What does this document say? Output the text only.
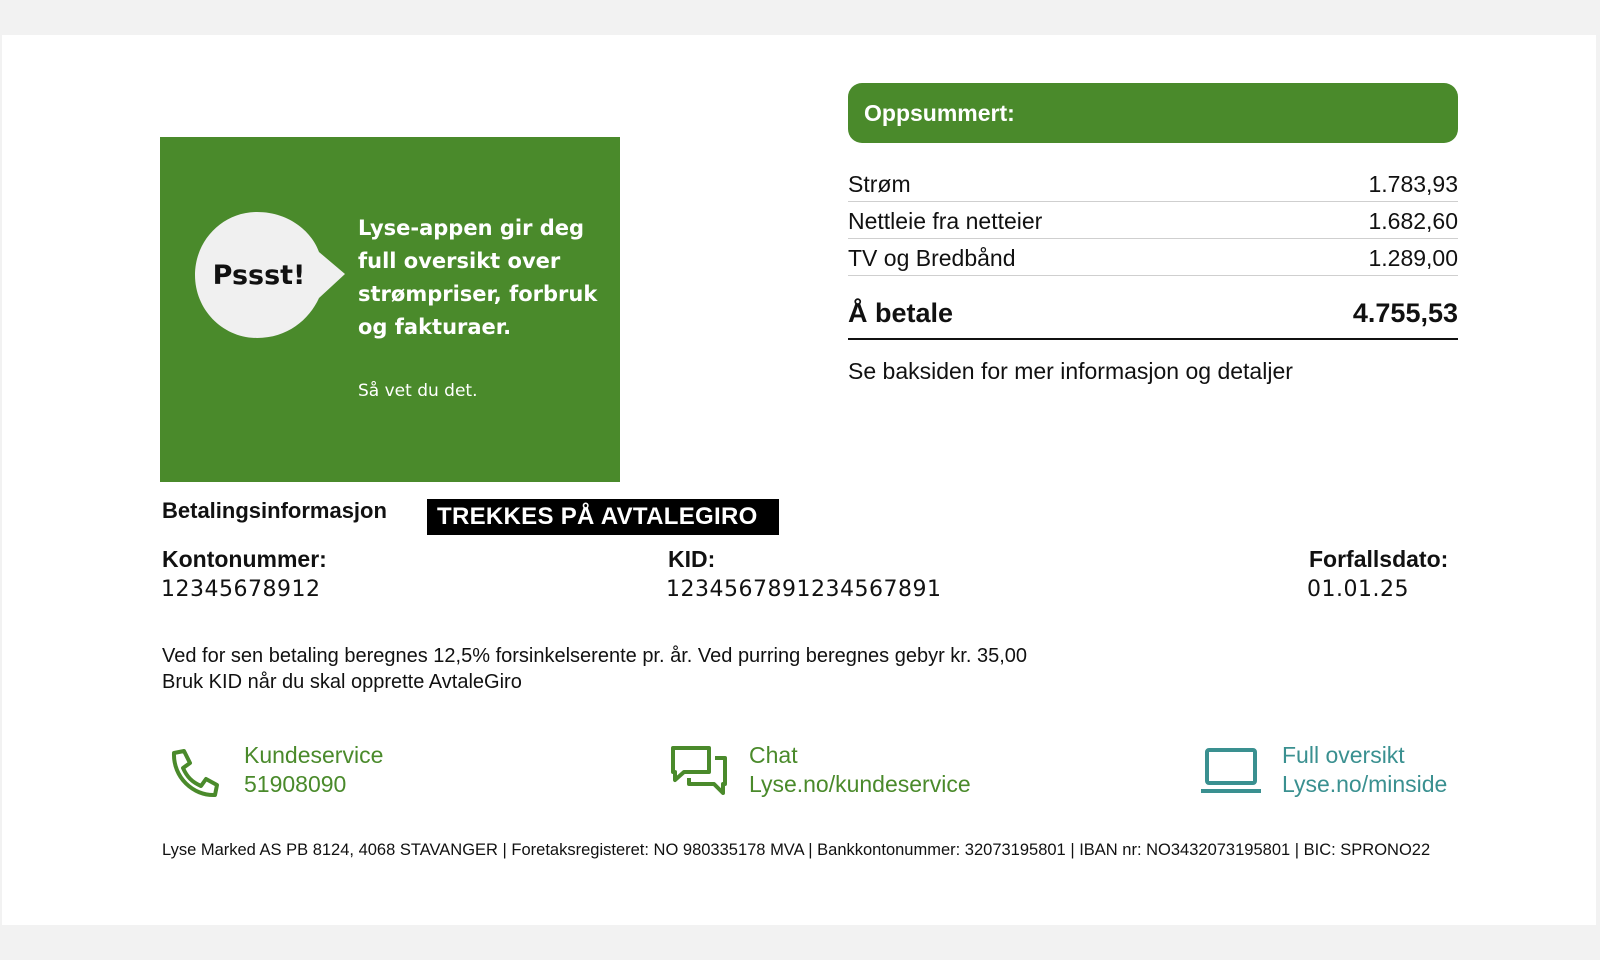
Pssst!
Lyse-appen gir deg full oversikt over strømpriser, forbruk og fakturaer.
Så vet du det.
Oppsummert:
Strøm	1.783,93
Nettleie fra netteier	1.682,60
TV og Bredbånd	1.289,00
Å betale	4.755,53
Se baksiden for mer informasjon og detaljer
Betalingsinformasjon TREKKES PÅ AVTALEGIRO
Kontonummer:
12345678912
KID:
1234567891234567891
Forfallsdato:
01.01.25
Ved for sen betaling beregnes 12,5% forsinkelserente pr. år. Ved purring beregnes gebyr kr. 35,00
Bruk KID når du skal opprette AvtaleGiro
Kundeservice
51908090
Chat
Lyse.no/kundeservice
Full oversikt
Lyse.no/minside
Lyse Marked AS PB 8124, 4068 STAVANGER | Foretaksregisteret: NO 980335178 MVA | Bankkontonummer: 32073195801 | IBAN nr: NO3432073195801 | BIC: SPRONO22
